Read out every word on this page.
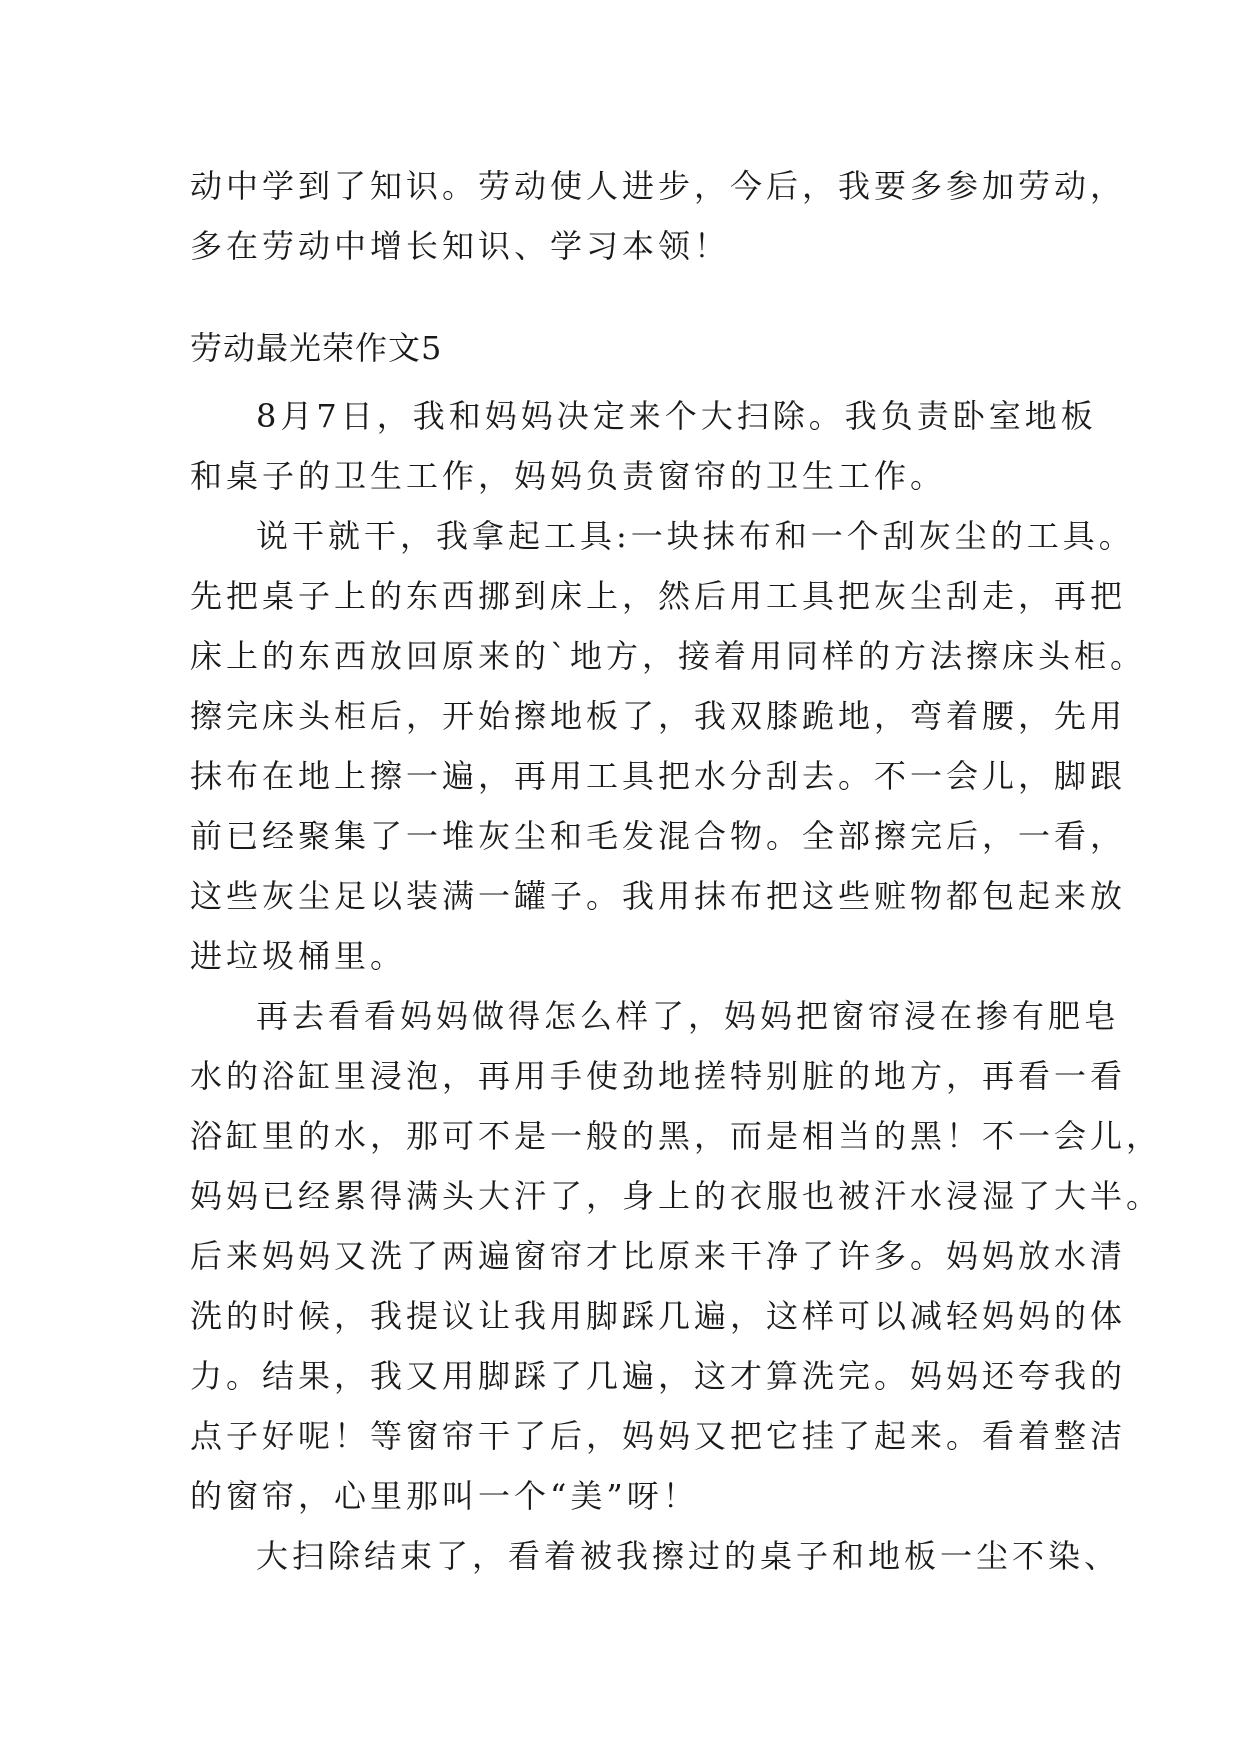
动中学到了知识。劳动使人进步，今后，我要多参加劳动，
多在劳动中增长知识、学习本领！
劳动最光荣作文5
8月7日，我和妈妈决定来个大扫除。我负责卧室地板
和桌子的卫生工作，妈妈负责窗帘的卫生工作。
说干就干，我拿起工具:一块抹布和一个刮灰尘的工具。
先把桌子上的东西挪到床上，然后用工具把灰尘刮走，再把
床上的东西放回原来的`地方，接着用同样的方法擦床头柜。
擦完床头柜后，开始擦地板了，我双膝跪地，弯着腰，先用
抹布在地上擦一遍，再用工具把水分刮去。不一会儿，脚跟
前已经聚集了一堆灰尘和毛发混合物。全部擦完后，一看，
这些灰尘足以装满一罐子。我用抹布把这些赃物都包起来放
进垃圾桶里。
再去看看妈妈做得怎么样了，妈妈把窗帘浸在掺有肥皂
水的浴缸里浸泡，再用手使劲地搓特别脏的地方，再看一看
浴缸里的水，那可不是一般的黑，而是相当的黑！不一会儿，
妈妈已经累得满头大汗了，身上的衣服也被汗水浸湿了大半。
后来妈妈又洗了两遍窗帘才比原来干净了许多。妈妈放水清
洗的时候，我提议让我用脚踩几遍，这样可以减轻妈妈的体
力。结果，我又用脚踩了几遍，这才算洗完。妈妈还夸我的
点子好呢！等窗帘干了后，妈妈又把它挂了起来。看着整洁
的窗帘，心里那叫一个“美”呀！
大扫除结束了，看着被我擦过的桌子和地板一尘不染、
